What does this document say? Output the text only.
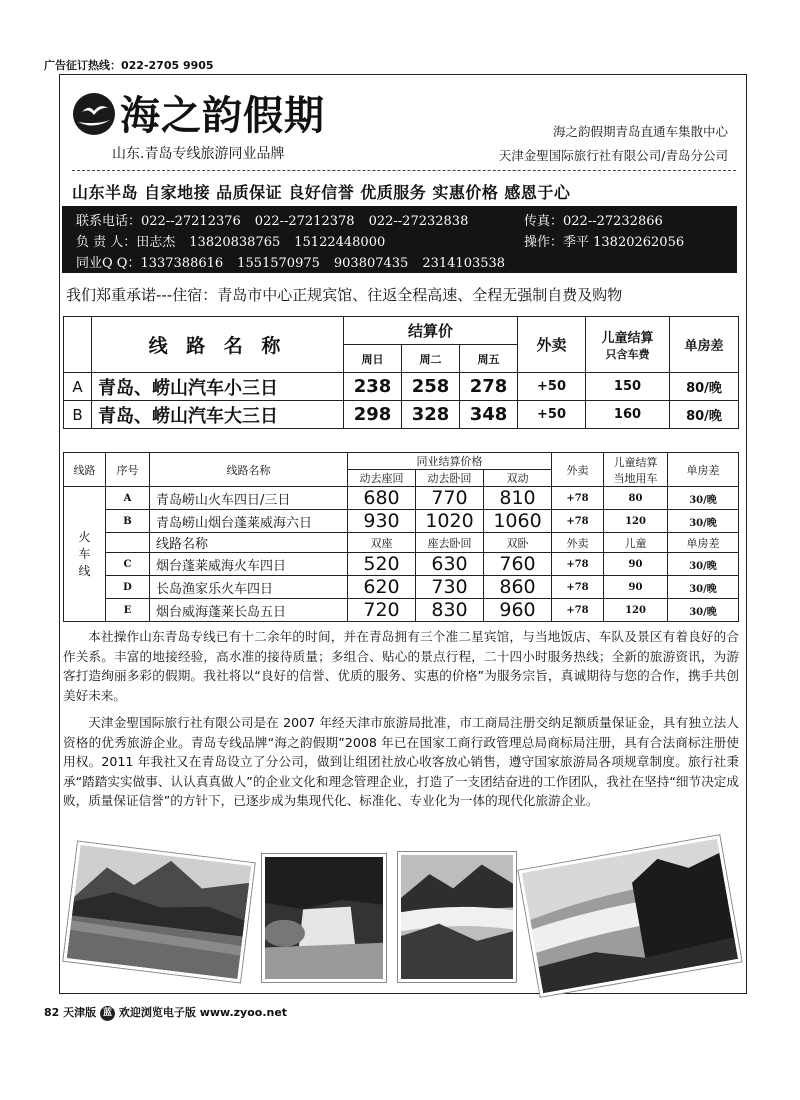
广告征订热线：022-2705 9905
海之韵假期
山东.青岛专线旅游同业品牌
海之韵假期青岛直通车集散中心
天津金聖国际旅行社有限公司/青岛分公司
山东半岛 自家地接 品质保证 良好信誉 优质服务 实惠价格 感恩于心
联系电话：022--27212376 022--27212378 022--27232838	传真：022--27232866
负 责 人：田志杰 13820838765 15122448000	操作：季平 13820262056
同业Q Q：1337388616 1551570975 903807435 2314103538
我们郑重承诺---住宿：青岛市中心正规宾馆、往返全程高速、全程无强制自费及购物
	线 路 名 称	结算价			外卖	儿童结算
只含车费	单房差
		周日	周二	周五			
A	青岛、崂山汽车小三日	238	258	278	+50	150	80/晚
B	青岛、崂山汽车大三日	298	328	348	+50	160	80/晚
线路	序号	线路名称	同业结算价格			外卖	儿童结算
当地用车	单房差
			动去座回	动去卧回	双动			

火车线	A	青岛崂山火车四日/三日	680	770	810	+78	80	30/晚
	B	青岛崂山烟台蓬莱威海六日	930	1020	1060	+78	120	30/晚
		线路名称	双座	座去卧回	双卧	外卖	儿童	单房差
	C	烟台蓬莱威海火车四日	520	630	760	+78	90	30/晚
	D	长岛渔家乐火车四日	620	730	860	+78	90	30/晚
	E	烟台威海蓬莱长岛五日	720	830	960	+78	120	30/晚

本社操作山东青岛专线已有十二余年的时间，并在青岛拥有三个准二星宾馆，与当地饭店、车队及景区有着良好的合作关系。丰富的地接经验，高水准的接待质量；多组合、贴心的景点行程，二十四小时服务热线；全新的旅游资讯，为游客打造绚丽多彩的假期。我社将以“良好的信誉、优质的服务、实惠的价格”为服务宗旨，真诚期待与您的合作，携手共创美好未来。

天津金聖国际旅行社有限公司是在 2007 年经天津市旅游局批准，市工商局注册交纳足额质量保证金，具有独立法人资格的优秀旅游企业。青岛专线品牌“海之韵假期”2008 年已在国家工商行政管理总局商标局注册，具有合法商标注册使用权。2011 年我社又在青岛设立了分公司，做到让组团社放心收客放心销售，遵守国家旅游局各项规章制度。旅行社秉承“踏踏实实做事、认认真真做人”的企业文化和理念管理企业，打造了一支团结奋进的工作团队，我社在坚持“细节决定成败，质量保证信誉”的方针下，已逐步成为集现代化、标准化、专业化为一体的现代化旅游企业。

82 天津版 蓝 欢迎浏览电子版 www.zyoo.net
